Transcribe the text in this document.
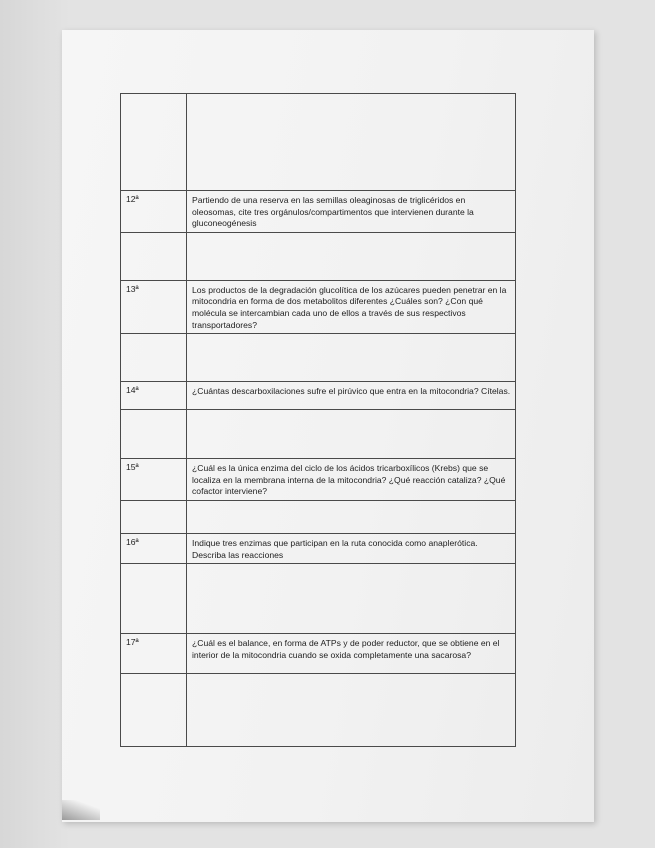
12ª	Partiendo de una reserva en las semillas oleaginosas de triglicéridos en oleosomas, cite tres orgánulos/compartimentos que intervienen durante la gluconeogénesis

13ª	Los productos de la degradación glucolítica de los azúcares pueden penetrar en la mitocondria en forma de dos metabolitos diferentes ¿Cuáles son? ¿Con qué molécula se intercambian cada uno de ellos a través de sus respectivos transportadores?

14ª	¿Cuántas descarboxilaciones sufre el pirúvico que entra en la mitocondria? Cítelas.

15ª	¿Cuál es la única enzima del ciclo de los ácidos tricarboxílicos (Krebs) que se localiza en la membrana interna de la mitocondria? ¿Qué reacción cataliza? ¿Qué cofactor interviene?

16ª	Indique tres enzimas que participan en la ruta conocida como anaplerótica. Describa las reacciones

17ª	¿Cuál es el balance, en forma de ATPs y de poder reductor, que se obtiene en el interior de la mitocondria cuando se oxida completamente una sacarosa?
